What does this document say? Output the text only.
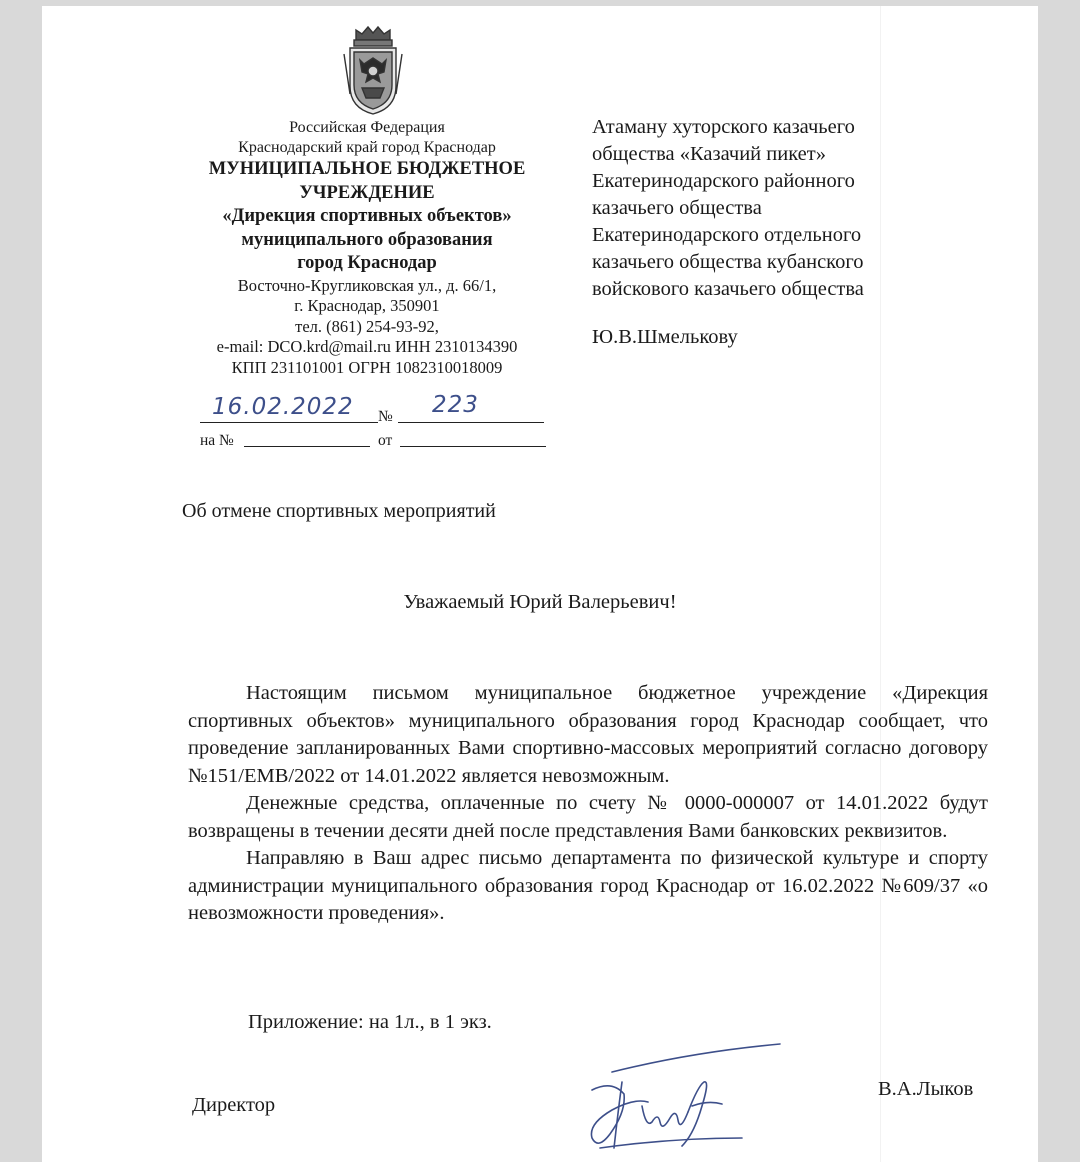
Российская Федерация
Краснодарский край город Краснодар
МУНИЦИПАЛЬНОЕ БЮДЖЕТНОЕ
УЧРЕЖДЕНИЕ
«Дирекция спортивных объектов»
муниципального образования
город Краснодар
Восточно-Кругликовская ул., д. 66/1,
г. Краснодар, 350901
тел. (861) 254-93-92,
e-mail: DCO.krd@mail.ru ИНН 2310134390
КПП 231101001 ОГРН 1082310018009
16.02.2022 № 223
на №	от
Атаману хуторского казачьего
общества «Казачий пикет»
Екатеринодарского районного
казачьего общества
Екатеринодарского отдельного
казачьего общества кубанского
войскового казачьего общества
Ю.В.Шмелькову
Об отмене спортивных мероприятий
Уважаемый Юрий Валерьевич!

Настоящим письмом муниципальное бюджетное учреждение «Дирекция спортивных объектов» муниципального образования город Краснодар сообщает, что проведение запланированных Вами спортивно-массовых мероприятий согласно договору №151/ЕМВ/2022 от 14.01.2022 является невозможным.

Денежные средства, оплаченные по счету № 0000-000007 от 14.01.2022 будут возвращены в течении десяти дней после представления Вами банковских реквизитов.

Направляю в Ваш адрес письмо департамента по физической культуре и спорту администрации муниципального образования город Краснодар от 16.02.2022 №609/37 «о невозможности проведения».

Приложение: на 1л., в 1 экз.
Директор
В.А.Лыков
